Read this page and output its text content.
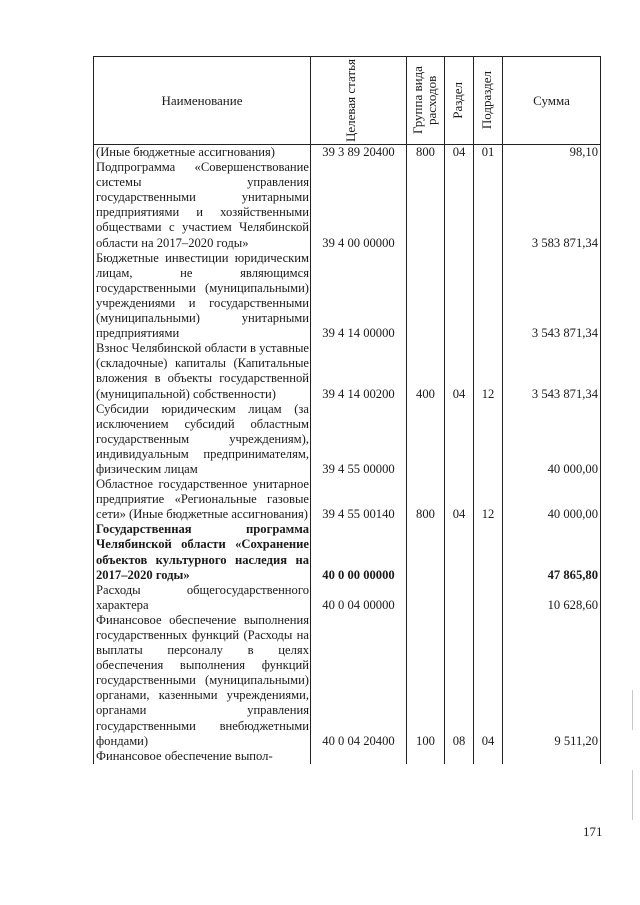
Наименование	Целевая статья	Группа вида расходов	Раздел	Подраздел	Сумма
(Иные бюджетные ассигнования)	39 3 89 20400	800	04	01	98,10
Подпрограмма «Совершенствование системы управления государственными унитарными предприятиями и хозяйственными обществами с участием Челябинской области на 2017–2020 годы»	39 4 00 00000				3 583 871,34
Бюджетные инвестиции юридическим лицам, не являющимся государственными (муниципальными) учреждениями и государственными (муниципальными) унитарными предприятиями	39 4 14 00000				3 543 871,34
Взнос Челябинской области в уставные (складочные) капиталы (Капитальные вложения в объекты государственной (муниципальной) собственности)	39 4 14 00200	400	04	12	3 543 871,34
Субсидии юридическим лицам (за исключением субсидий областным государственным учреждениям), индивидуальным предпринимателям, физическим лицам	39 4 55 00000				40 000,00
Областное государственное унитарное предприятие «Региональные газовые сети» (Иные бюджетные ассигнования)	39 4 55 00140	800	04	12	40 000,00
Государственная программа Челябинской области «Сохранение объектов культурного наследия на 2017–2020 годы»	40 0 00 00000				47 865,80
Расходы общегосударственного характера	40 0 04 00000				10 628,60
Финансовое обеспечение выполнения государственных функций (Расходы на выплаты персоналу в целях обеспечения выполнения функций государственными (муниципальными) органами, казенными учреждениями, органами управления государственными внебюджетными фондами)	40 0 04 20400	100	08	04	9 511,20
Финансовое обеспечение выпол-					
171
